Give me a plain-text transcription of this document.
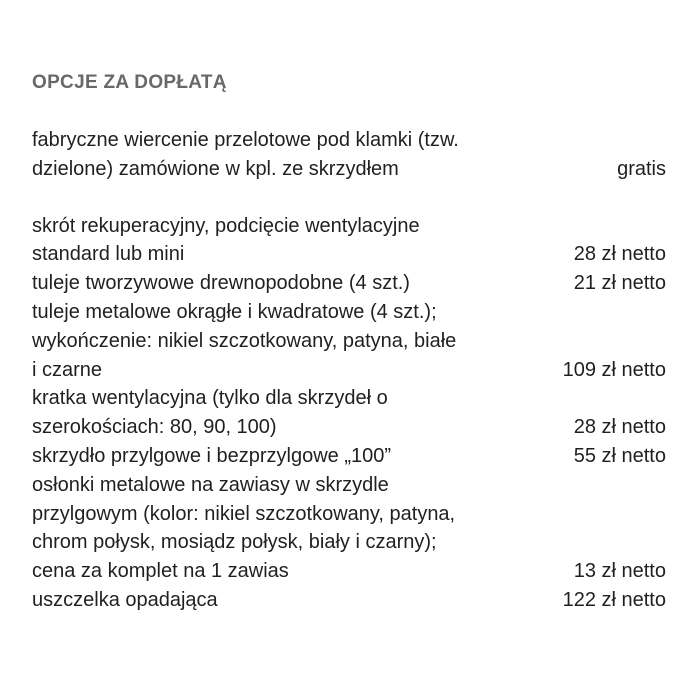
OPCJE ZA DOPŁATĄ
fabryczne wiercenie przelotowe pod klamki (tzw.
dzielone) zamówione w kpl. ze skrzydłem	gratis
skrót rekuperacyjny, podcięcie wentylacyjne
standard lub mini	28 zł netto
tuleje tworzywowe drewnopodobne (4 szt.)	21 zł netto
tuleje metalowe okrągłe i kwadratowe (4 szt.);
wykończenie: nikiel szczotkowany, patyna, białe
i czarne	109 zł netto
kratka wentylacyjna (tylko dla skrzydeł o
szerokościach: 80, 90, 100)	28 zł netto
skrzydło przylgowe i bezprzylgowe „100”	55 zł netto
osłonki metalowe na zawiasy w skrzydle
przylgowym (kolor: nikiel szczotkowany, patyna,
chrom połysk, mosiądz połysk, biały i czarny);
cena za komplet na 1 zawias	13 zł netto
uszczelka opadająca	122 zł netto
